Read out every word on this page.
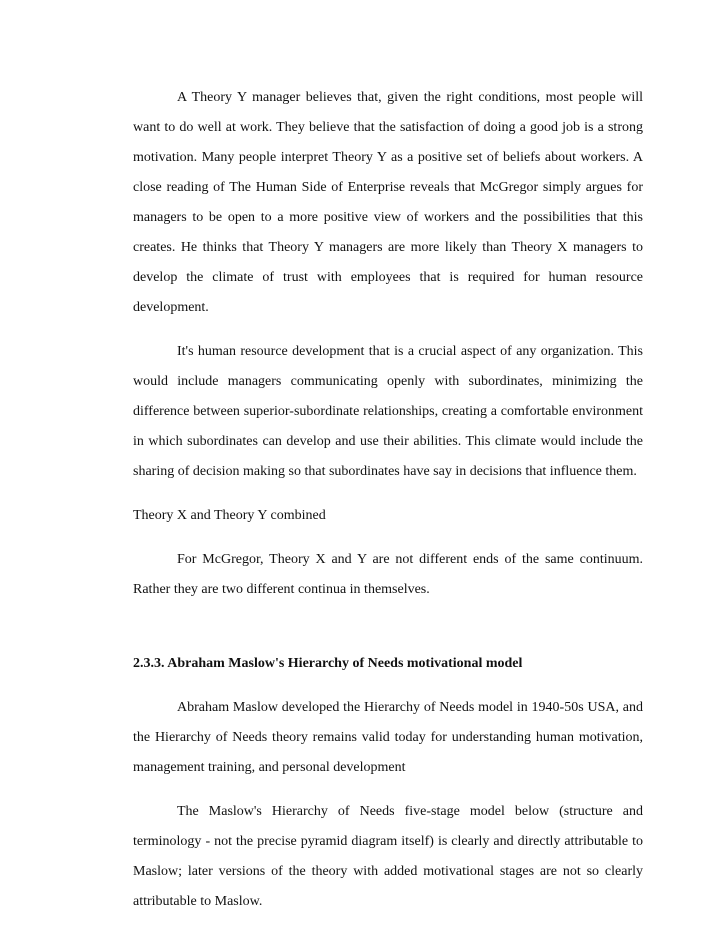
A Theory Y manager believes that, given the right conditions, most people will want to do well at work. They believe that the satisfaction of doing a good job is a strong motivation. Many people interpret Theory Y as a positive set of beliefs about workers. A close reading of The Human Side of Enterprise reveals that McGregor simply argues for managers to be open to a more positive view of workers and the possibilities that this creates. He thinks that Theory Y managers are more likely than Theory X managers to develop the climate of trust with employees that is required for human resource development.

It's human resource development that is a crucial aspect of any organization. This would include managers communicating openly with subordinates, minimizing the difference between superior-subordinate relationships, creating a comfortable environment in which subordinates can develop and use their abilities. This climate would include the sharing of decision making so that subordinates have say in decisions that influence them.

Theory X and Theory Y combined

For McGregor, Theory X and Y are not different ends of the same continuum. Rather they are two different continua in themselves.

2.3.3. Abraham Maslow's Hierarchy of Needs motivational model

Abraham Maslow developed the Hierarchy of Needs model in 1940-50s USA, and the Hierarchy of Needs theory remains valid today for understanding human motivation, management training, and personal development

The Maslow's Hierarchy of Needs five-stage model below (structure and terminology - not the precise pyramid diagram itself) is clearly and directly attributable to Maslow; later versions of the theory with added motivational stages are not so clearly attributable to Maslow.
